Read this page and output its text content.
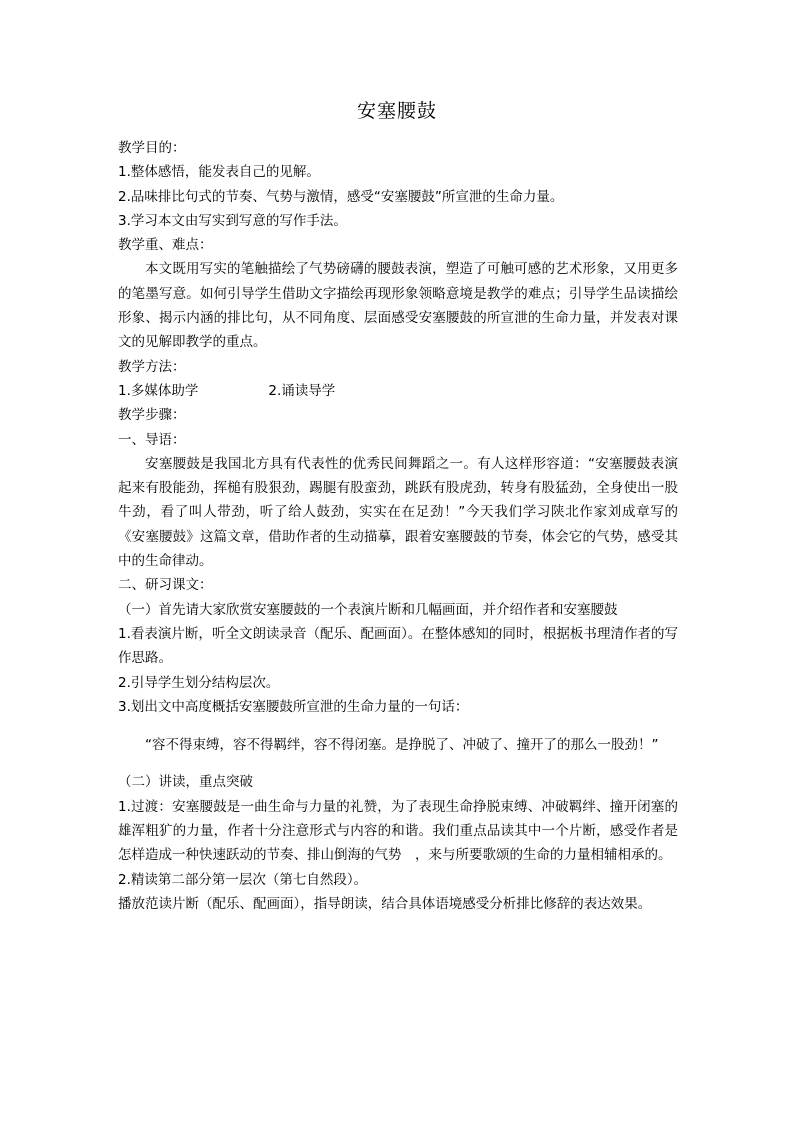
安塞腰鼓

教学目的：

1.整体感悟，能发表自己的见解。

2.品味排比句式的节奏、气势与激情，感受“安塞腰鼓”所宣泄的生命力量。

3.学习本文由写实到写意的写作手法。

教学重、难点：

本文既用写实的笔触描绘了气势磅礴的腰鼓表演，塑造了可触可感的艺术形象，又用更多的笔墨写意。如何引导学生借助文字描绘再现形象领略意境是教学的难点；引导学生品读描绘形象、揭示内涵的排比句，从不同角度、层面感受安塞腰鼓的所宣泄的生命力量，并发表对课文的见解即教学的重点。

教学方法：

1.多媒体助学	2.诵读导学

教学步骤：

一、导语：

安塞腰鼓是我国北方具有代表性的优秀民间舞蹈之一。有人这样形容道：“安塞腰鼓表演起来有股能劲，挥槌有股狠劲，踢腿有股蛮劲，跳跃有股虎劲，转身有股猛劲，全身使出一股牛劲，看了叫人带劲，听了给人鼓劲，实实在在足劲！”今天我们学习陕北作家刘成章写的《安塞腰鼓》这篇文章，借助作者的生动描摹，跟着安塞腰鼓的节奏，体会它的气势，感受其中的生命律动。

二、研习课文：

（一）首先请大家欣赏安塞腰鼓的一个表演片断和几幅画面，并介绍作者和安塞腰鼓

1.看表演片断，听全文朗读录音（配乐、配画面）。在整体感知的同时，根据板书理清作者的写作思路。

2.引导学生划分结构层次。

3.划出文中高度概括安塞腰鼓所宣泄的生命力量的一句话：

“容不得束缚，容不得羁绊，容不得闭塞。是挣脱了、冲破了、撞开了的那么一股劲！”

（二）讲读，重点突破

1.过渡：安塞腰鼓是一曲生命与力量的礼赞，为了表现生命挣脱束缚、冲破羁绊、撞开闭塞的雄浑粗犷的力量，作者十分注意形式与内容的和谐。我们重点品读其中一个片断，感受作者是怎样造成一种快速跃动的节奏、排山倒海的气势　，来与所要歌颂的生命的力量相辅相承的。

2.精读第二部分第一层次（第七自然段）。

播放范读片断（配乐、配画面），指导朗读，结合具体语境感受分析排比修辞的表达效果。
